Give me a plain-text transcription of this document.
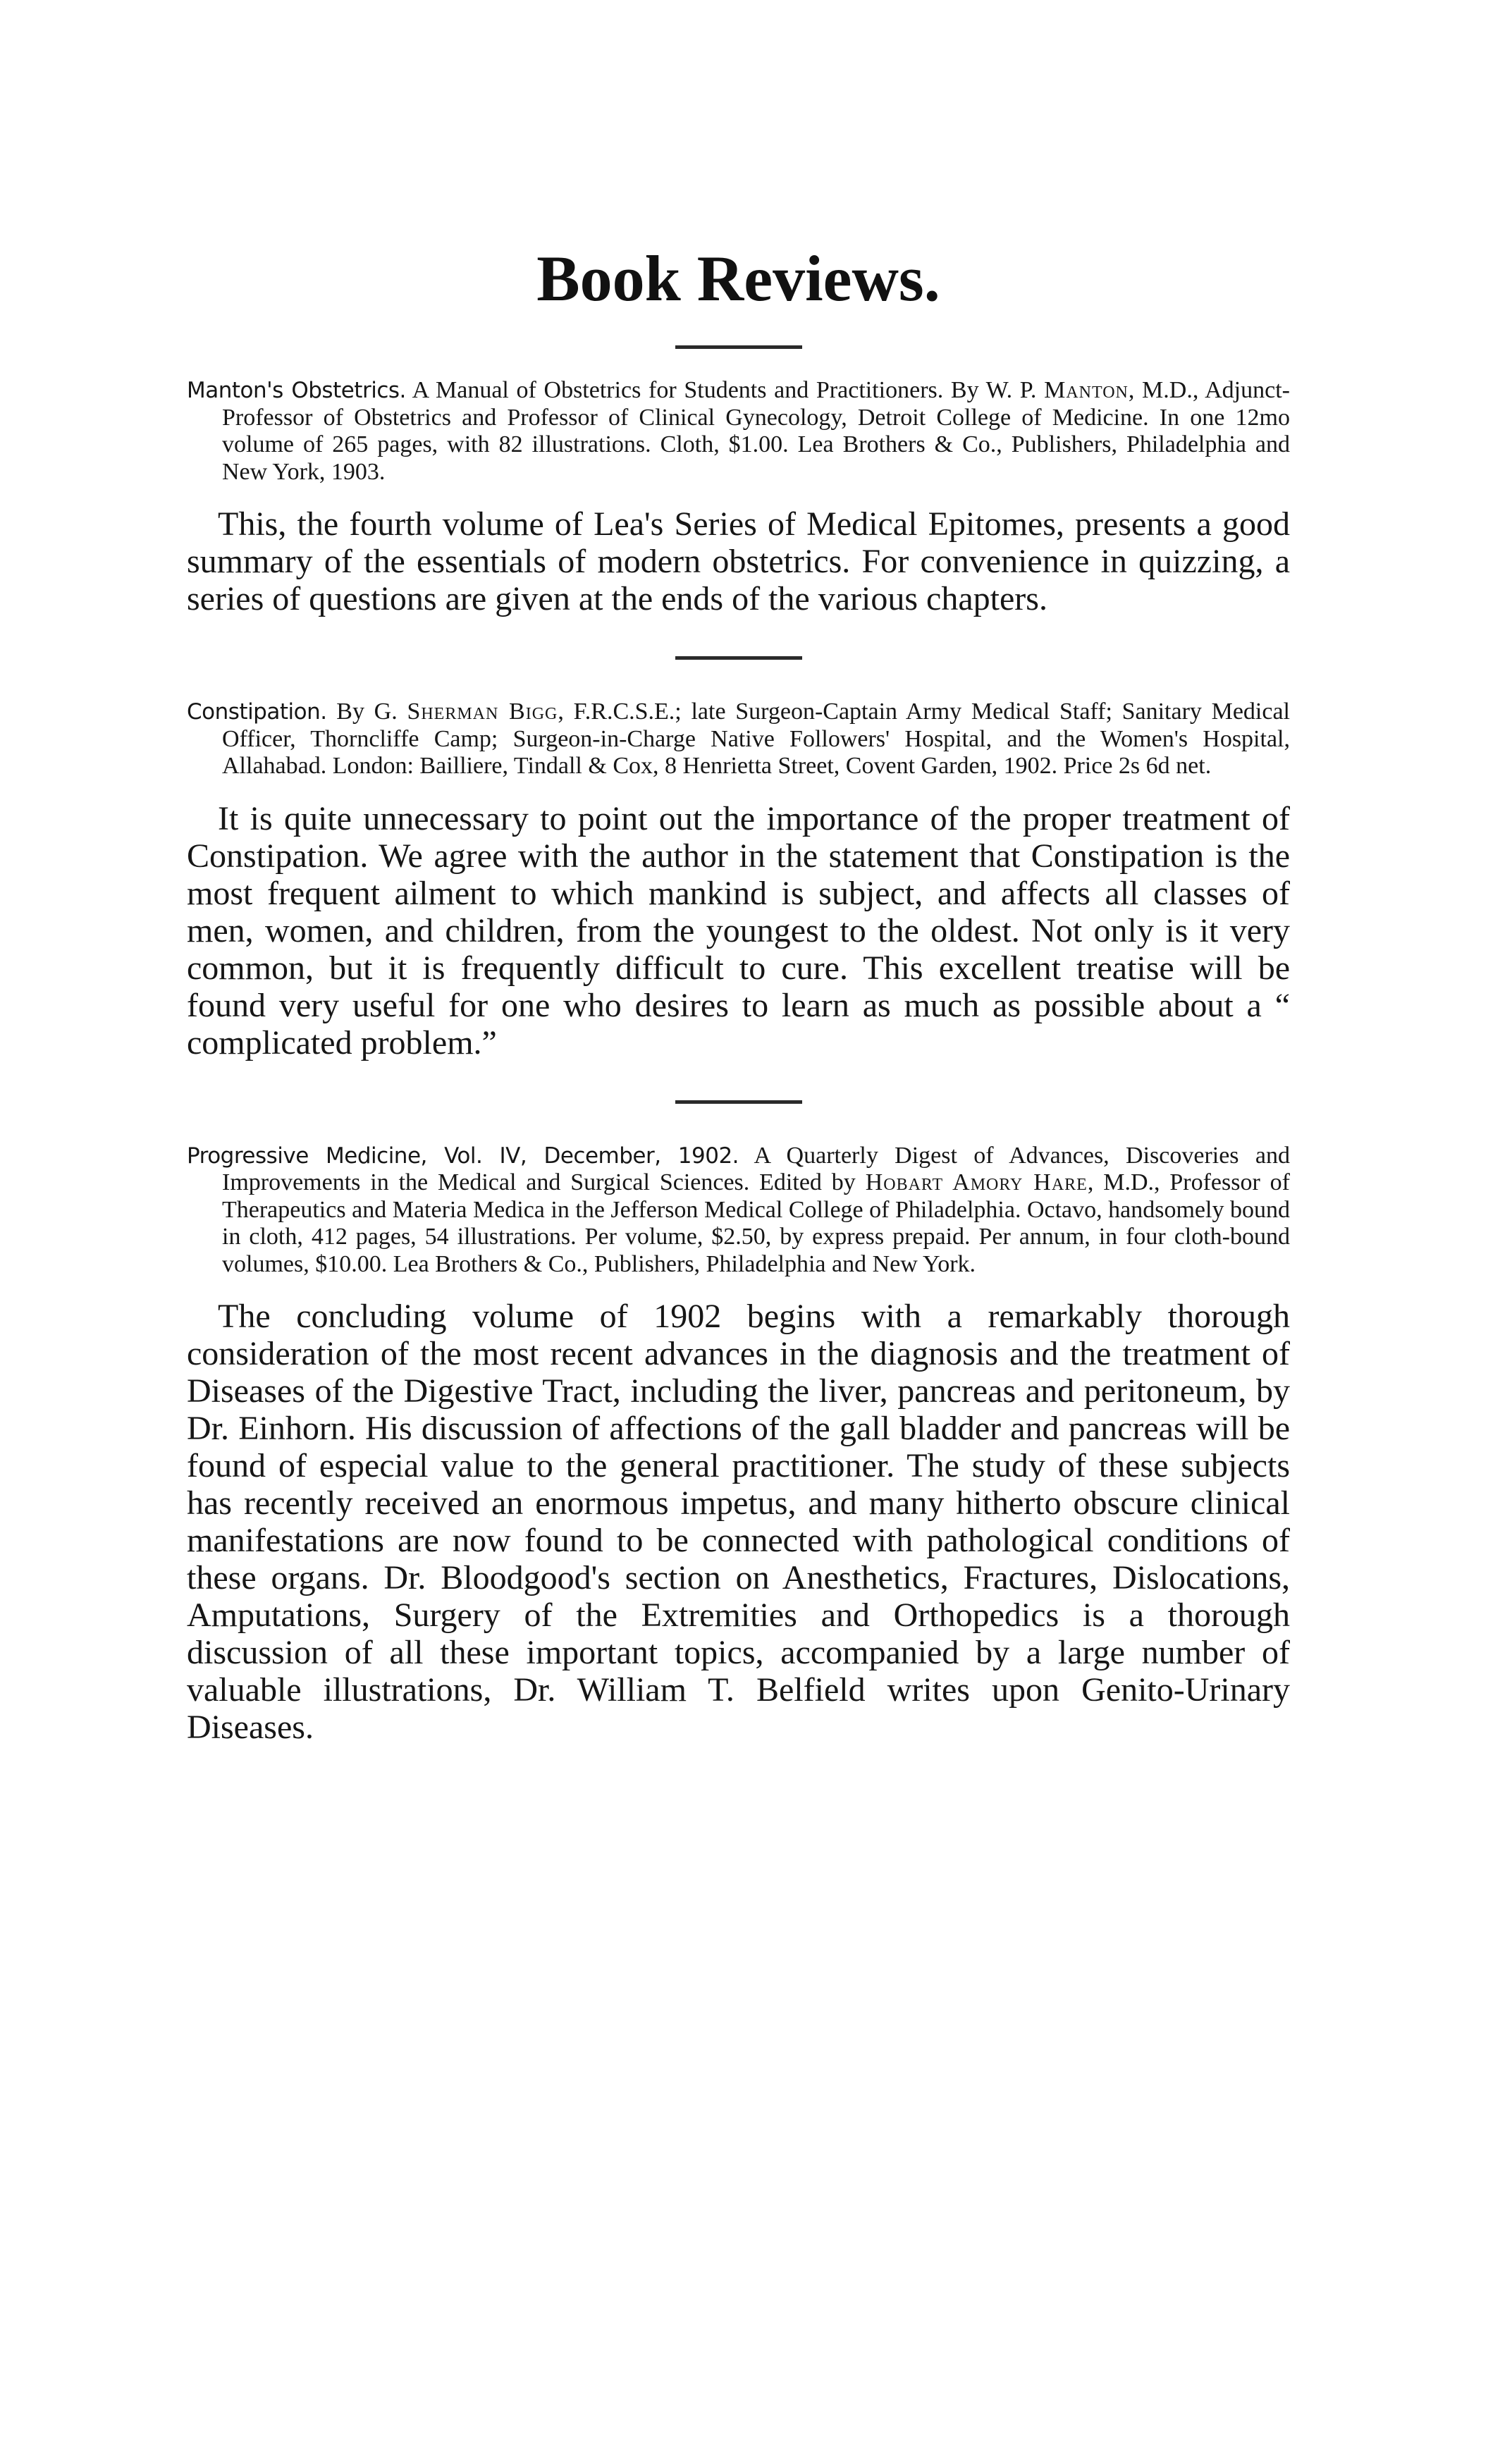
Book Reviews.

Manton's Obstetrics. A Manual of Obstetrics for Students and Practitioners. By W. P. Manton, M.D., Adjunct-Professor of Obstetrics and Professor of Clinical Gynecology, Detroit College of Medicine. In one 12mo volume of 265 pages, with 82 illustrations. Cloth, $1.00. Lea Brothers & Co., Publishers, Philadelphia and New York, 1903.

This, the fourth volume of Lea's Series of Medical Epitomes, presents a good summary of the essentials of modern obstetrics. For convenience in quizzing, a series of questions are given at the ends of the various chapters.

Constipation. By G. Sherman Bigg, F.R.C.S.E.; late Surgeon-Captain Army Medical Staff; Sanitary Medical Officer, Thorncliffe Camp; Surgeon-in-Charge Native Followers' Hospital, and the Women's Hospital, Allahabad. London: Bailliere, Tindall & Cox, 8 Henrietta Street, Covent Garden, 1902. Price 2s 6d net.

It is quite unnecessary to point out the importance of the proper treatment of Constipation. We agree with the author in the statement that Constipation is the most frequent ailment to which mankind is subject, and affects all classes of men, women, and children, from the youngest to the oldest. Not only is it very common, but it is frequently difficult to cure. This excellent treatise will be found very useful for one who desires to learn as much as possible about a “ complicated problem.”

Progressive Medicine, Vol. IV, December, 1902. A Quarterly Digest of Advances, Discoveries and Improvements in the Medical and Surgical Sciences. Edited by Hobart Amory Hare, M.D., Professor of Therapeutics and Materia Medica in the Jefferson Medical College of Philadelphia. Octavo, handsomely bound in cloth, 412 pages, 54 illustrations. Per volume, $2.50, by express prepaid. Per annum, in four cloth-bound volumes, $10.00. Lea Brothers & Co., Publishers, Philadelphia and New York.

The concluding volume of 1902 begins with a remarkably thorough consideration of the most recent advances in the diagnosis and the treatment of Diseases of the Digestive Tract, including the liver, pancreas and peritoneum, by Dr. Einhorn. His discussion of affections of the gall bladder and pancreas will be found of especial value to the general practitioner. The study of these subjects has recently received an enormous impetus, and many hitherto obscure clinical manifestations are now found to be connected with pathological conditions of these organs. Dr. Bloodgood's section on Anesthetics, Fractures, Dislocations, Amputations, Surgery of the Extremities and Orthopedics is a thorough discussion of all these important topics, accompanied by a large number of valuable illustrations, Dr. William T. Belfield writes upon Genito-Urinary Diseases.
